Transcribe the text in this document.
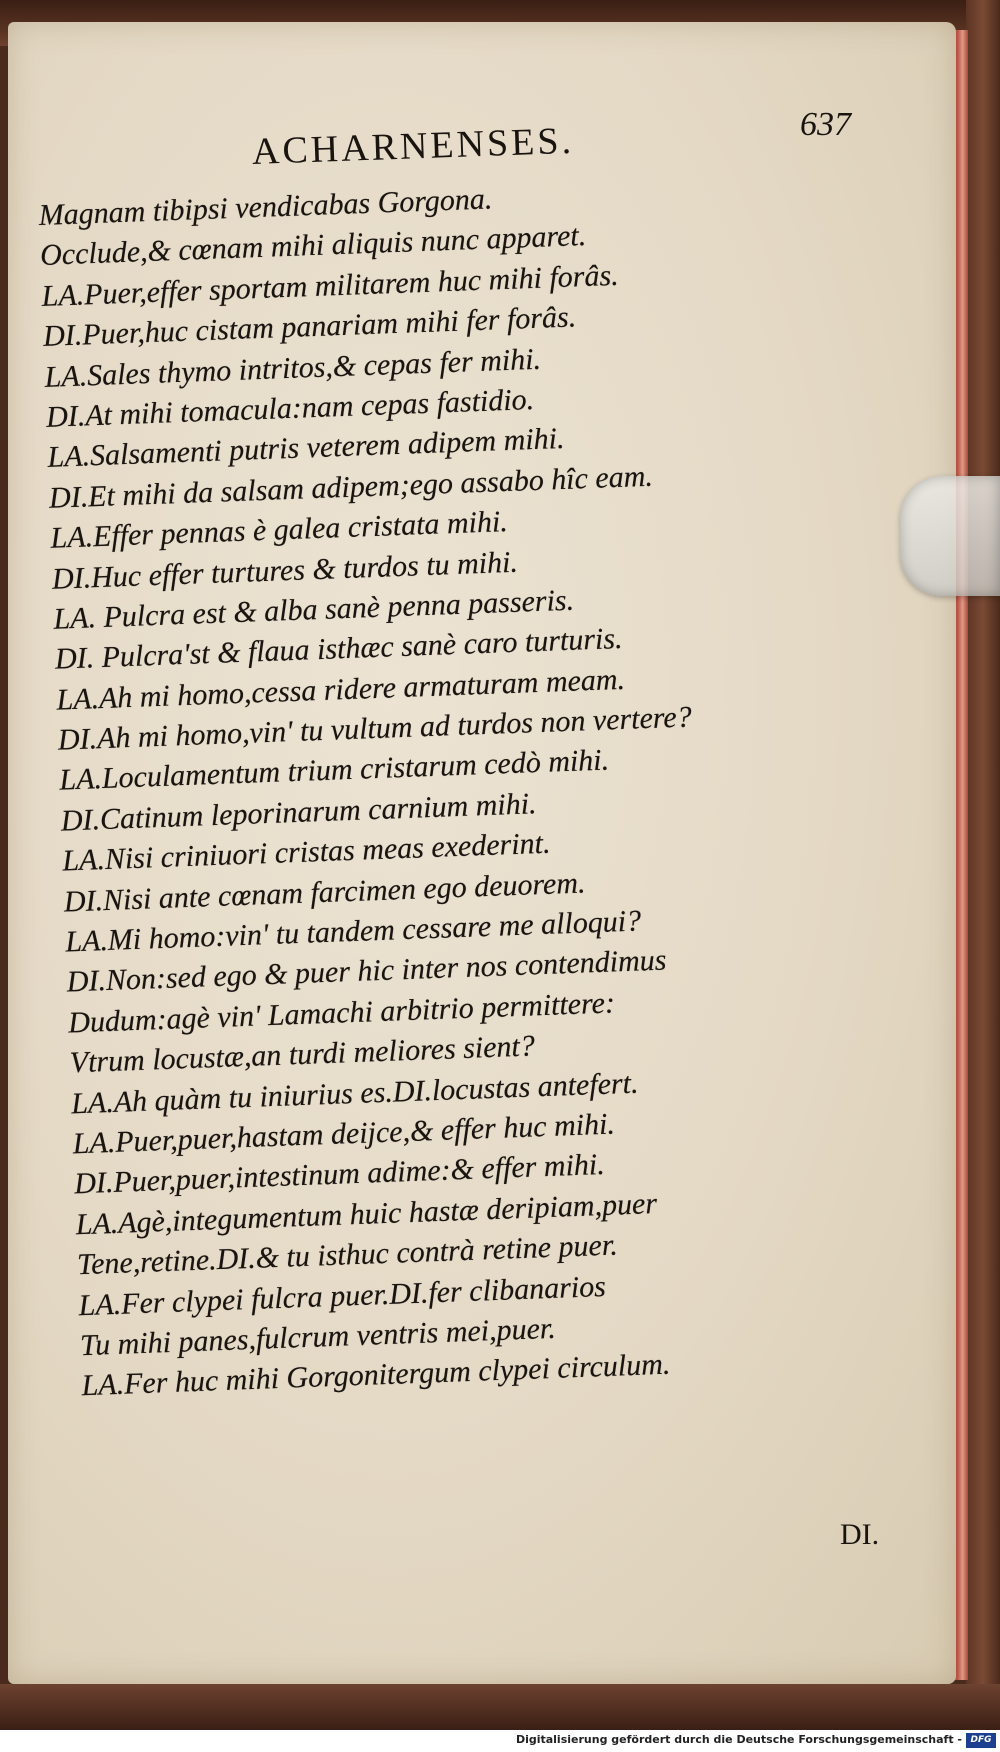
637
ACHARNENSES.
Magnam tibipsi vendicabas Gorgona.
Occlude,& cœnam mihi aliquis nunc apparet.
LA.Puer,effer sportam militarem huc mihi forâs.
DI.Puer,huc cistam panariam mihi fer forâs.
LA.Sales thymo intritos,& cepas fer mihi.
DI.At mihi tomacula:nam cepas fastidio.
LA.Salsamenti putris veterem adipem mihi.
DI.Et mihi da salsam adipem;ego assabo hîc eam.
LA.Effer pennas è galea cristata mihi.
DI.Huc effer turtures & turdos tu mihi.
LA. Pulcra est & alba sanè penna passeris.
DI. Pulcra'st & flaua isthæc sanè caro turturis.
LA.Ah mi homo,cessa ridere armaturam meam.
DI.Ah mi homo,vin' tu vultum ad turdos non vertere?
LA.Loculamentum trium cristarum cedò mihi.
DI.Catinum leporinarum carnium mihi.
LA.Nisi criniuori cristas meas exederint.
DI.Nisi ante cœnam farcimen ego deuorem.
LA.Mi homo:vin' tu tandem cessare me alloqui?
DI.Non:sed ego & puer hic inter nos contendimus
Dudum:agè vin' Lamachi arbitrio permittere:
Vtrum locustæ,an turdi meliores sient?
LA.Ah quàm tu iniurius es.DI.locustas antefert.
LA.Puer,puer,hastam deijce,& effer huc mihi.
DI.Puer,puer,intestinum adime:& effer mihi.
LA.Agè,integumentum huic hastæ deripiam,puer
Tene,retine.DI.& tu isthuc contrà retine puer.
LA.Fer clypei fulcra puer.DI.fer clibanarios
Tu mihi panes,fulcrum ventris mei,puer.
LA.Fer huc mihi Gorgonitergum clypei circulum.
DI.
Digitalisierung gefördert durch die Deutsche Forschungsgemeinschaft - DFG
